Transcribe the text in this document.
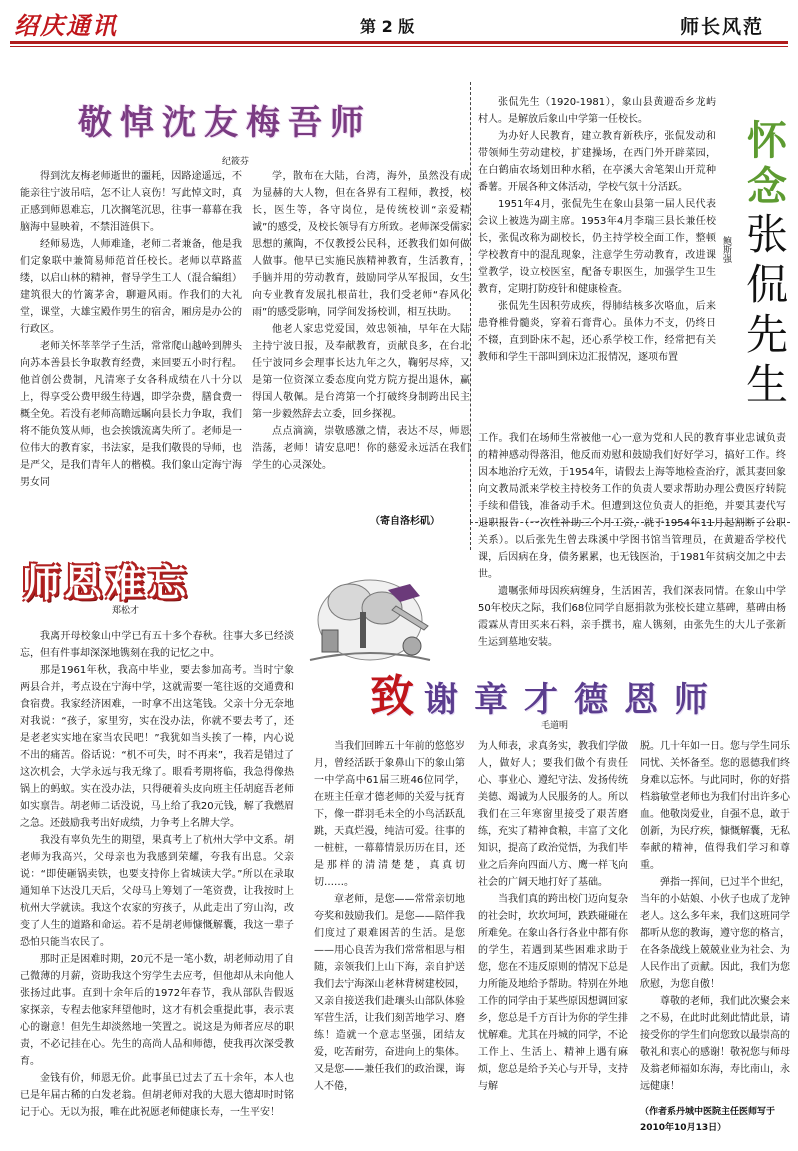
绍庆通讯	第 2 版	师长风范
敬悼沈友梅吾师
纪筱芬

得到沈友梅老师逝世的噩耗，因路途遥远，不能亲往宁波吊唁，怎不让人哀伤！写此悼文时，真正感到师恩难忘，几次搁笔沉思，往事一幕幕在我脑海中显映着，不禁泪涟俱下。

经师易选，人师难逢，老师二者兼备，他是我们定象联中兼简易师范首任校长。老师以草路蓝缕，以启山林的精神，督导学生工人（混合编组）建筑很大的竹篱茅舍，聊避风雨。作我们的大礼堂，课堂，大雄宝殿作男生的宿舍，厢房是办公的行政区。

老师关怀莘莘学子生活，常常爬山越岭到牌头向苏本善县长争取教育经费，来回要五小时行程。他首创公费制，凡清寒子女各科成绩在八十分以上，得享受公费甲级生待遇，即学杂费，膳食费一概全免。若没有老师高瞻远瞩向县长力争取，我们将不能负笈从师，也会挨饿流离失所了。老师是一位伟大的教育家，书法家，是我们敬畏的导师，也是严父，是我们青年人的楷模。我们象山定海宁海男女同

学，散布在大陆，台湾，海外，虽然没有成为显赫的大人物，但在各界有工程师，教授，校长，医生等，各守岗位，是传统校训“亲爱精诚”的感受，及校长领导有方所致。老师深受儒家思想的薰陶，不仅教授公民科，还教我们如何做人做事。他早已实施民族精神教育，生活教育，手脑并用的劳动教育，鼓励同学从军报国，女生向专业教育发展扎根苗壮，我们受老师“春风化雨”的感受影响，同学间发扬校训，相互扶助。

他老人家忠党爱国，效忠领袖，早年在大陆主持宁波日报，及奉献教育，贡献良多，在台北任宁波同乡会理事长达九年之久，鞠躬尽瘁，又是第一位资深立委态度向党方院方提出退休，赢得国人敬佩。是台湾第一个打破终身制跨出民主第一步毅然辞去立委，回乡探视。

点点滴滴，崇敬感激之情，表达不尽，师恩浩荡，老师！请安息吧！你的慈爱永远活在我们学生的心灵深处。

（寄自洛杉矶）

张侃先生（1920-1981），象山县黄避岙乡龙屿村人。是解放后象山中学第一任校长。

为办好人民教育，建立教育新秩序，张侃发动和带领师生劳动建校，扩建操场，在西门外开辟菜园，在白鹤庙农场划田种水稻，在亭溪大舍笔架山开荒种番薯。开展各种文体活动，学校气氛十分活跃。

1951年4月，张侃先生在象山县第一届人民代表会议上被选为副主席。1953年4月李瑞三县长兼任校长，张侃改称为副校长，仍主持学校全面工作，整顿学校教育中的混乱现象，注意学生劳动教育，改进课堂教学，设立校医室，配备专职医生，加强学生卫生教育，定期打防疫针和健康检查。

张侃先生因积劳成疾，得肺结核多次咯血，后来患脊椎骨髓炎，穿着石膏背心。虽体力不支，仍终日不辍，直到卧床不起，还心系学校工作，经常把有关教师和学生干部叫到床边汇报情况，逐项布置

怀
念
张
侃
先
生
鲍斯强

工作。我们在场师生常被他一心一意为党和人民的教育事业忠诚负责的精神感动得落泪，他反而劝慰和鼓励我们好好学习，搞好工作。终因本地治疗无效，于1954年，请假去上海等地检查治疗，派其妻回象向文教局派来学校主持校务工作的负责人要求帮助办理公费医疗转院手续和借钱，准备动手术。但遭到这位负责人的拒绝，并要其妻代写退职报告（一次性补助三个月工资，就于1954年11月起割断了公职关系）。以后张先生曾去珠溪中学图书馆当管理员，在黄避岙学校代课，后因病在身，债务累累，也无钱医治，于1981年贫病交加之中去世。

遗嘱张师母因疾病缠身，生活困苦，我们深表同情。在象山中学50年校庆之际，我们68位同学自愿捐款为张校长建立墓碑，墓碑由杨霞霖从青田买来石料，亲手撰书，雇人镌刻，由张先生的大儿子张新生运到墓地安装。

师恩难忘
郑松才

我离开母校象山中学已有五十多个春秋。往事大多已经淡忘，但有件事却深深地镌刻在我的记忆之中。

那是1961年秋，我高中毕业，要去参加高考。当时宁象两县合并，考点设在宁海中学，这就需要一笔往返的交通费和食宿费。我家经济困难，一时拿不出这笔钱。父亲十分无奈地对我说：“孩子，家里穷，实在没办法，你就不要去考了，还是老老实实地在家当农民吧！”我犹如当头挨了一棒，内心说不出的痛苦。俗话说：“机不可失，时不再来”，我若是错过了这次机会，大学永远与我无缘了。眼看考期将临，我急得像热锅上的蚂蚁。实在没办法，只得硬着头皮向班主任胡庭吾老师如实禀告。胡老师二话没说，马上给了我20元钱，解了我燃眉之急。还鼓励我考出好成绩，力争考上名牌大学。

我没有辜负先生的期望，果真考上了杭州大学中文系。胡老师为我高兴，父母亲也为我感到荣耀，夸我有出息。父亲说：“即使砸锅卖铁，也要支持你上省城读大学。”所以在录取通知单下达没几天后，父母马上筹划了一笔资费，让我按时上杭州大学就读。我这个农家的穷孩子，从此走出了穷山沟，改变了人生的道路和命运。若不是胡老师慷慨解囊，我这一辈子恐怕只能当农民了。

那时正是困难时期，20元不是一笔小数，胡老师动用了自己微薄的月薪，资助我这个穷学生去应考，但他却从未向他人张扬过此事。直到十余年后的1972年春节，我从部队告假返家探亲，专程去他家拜望他时，这才有机会重提此事，表示衷心的谢意！但先生却淡然地一笑置之。说这是为师者应尽的职责，不必记挂在心。先生的高尚人品和师德，使我再次深受教育。

金钱有价，师恩无价。此事虽已过去了五十余年，本人也已是年届古稀的白发老翁。但胡老师对我的大恩大德却时时铭记于心。无以为报，唯在此祝愿老师健康长寿，一生平安！

致谢章才德恩师
毛道明

当我们回眸五十年前的悠悠岁月，曾经活跃于象鼻山下的象山第一中学高中61届三班46位同学，在班主任章才德老师的关爱与抚育下，像一群羽毛未全的小鸟活跃乱跳，天真烂漫，纯洁可爱。往事的一桩桩，一幕幕情景历历在目，还是那样的清清楚楚，真真切切……。

章老师，是您——常常亲切地夸奖和鼓励我们。是您——陪伴我们度过了艰难困苦的生活。是您——用心良苦为我们常常相思与相随，亲领我们上山下海，亲自护送我们去宁海深山老林背树建校园，又亲自接送我们赴瓖头山部队体验军营生活，让我们刻苦地学习、磨练！造就一个意志坚强，团结友爱，吃苦耐劳，奋进向上的集体。又是您——兼任我们的政治课，诲人不倦，

为人师表，求真务实，教我们学做人，做好人；要我们做个有贵任心、事业心、遵纪守法、发扬传统美德、竭诚为人民服务的人。所以我们在三年寒窗里接受了艰苦磨练，充实了精神食粮，丰富了文化知识，提高了政治觉悟，为我们毕业之后奔向四面八方、鹰一样飞向社会的广阔天地打好了基础。

当我们真的跨出校门迈向复杂的社会时，坎坎坷坷，跌跌碰碰在所难免。在象山各行各业中都有你的学生，若遇到某些困难求助于您，您在不违反原则的情况下总是力所能及地给予帮助。特别在外地工作的同学由于某些原因想调回家乡，您总是千方百计为你的学生排忧解难。尤其在丹城的同学，不论工作上、生活上、精神上遇有麻烦，您总是给予关心与开导，支持与解

脱。几十年如一日。您与学生同乐同忧、关怀备至。您的恩德我们终身难以忘怀。与此同时，你的好搭档翁敏堂老师也为我们付出许多心血。他敬岗爱业，自强不息，敢于创新，为民疗疾，慷慨解囊，无私奉献的精神，值得我们学习和尊重。

弹指一挥间，已过半个世纪，当年的小姑娘、小伙子也成了龙钟老人。这么多年来，我们这班同学都听从您的教诲，遵守您的格言，在各条战线上兢兢业业为社会、为人民作出了贡献。因此，我们为您欣慰，为您自傲！

尊敬的老师，我们此次聚会来之不易，在此时此刻此情此景，请接受你的学生们向您致以最崇高的敬礼和衷心的感谢！敬祝您与师母及翁老师福如东海，寿比南山，永远健康！

（作者系丹城中医院主任医师写于2010年10月13日）
